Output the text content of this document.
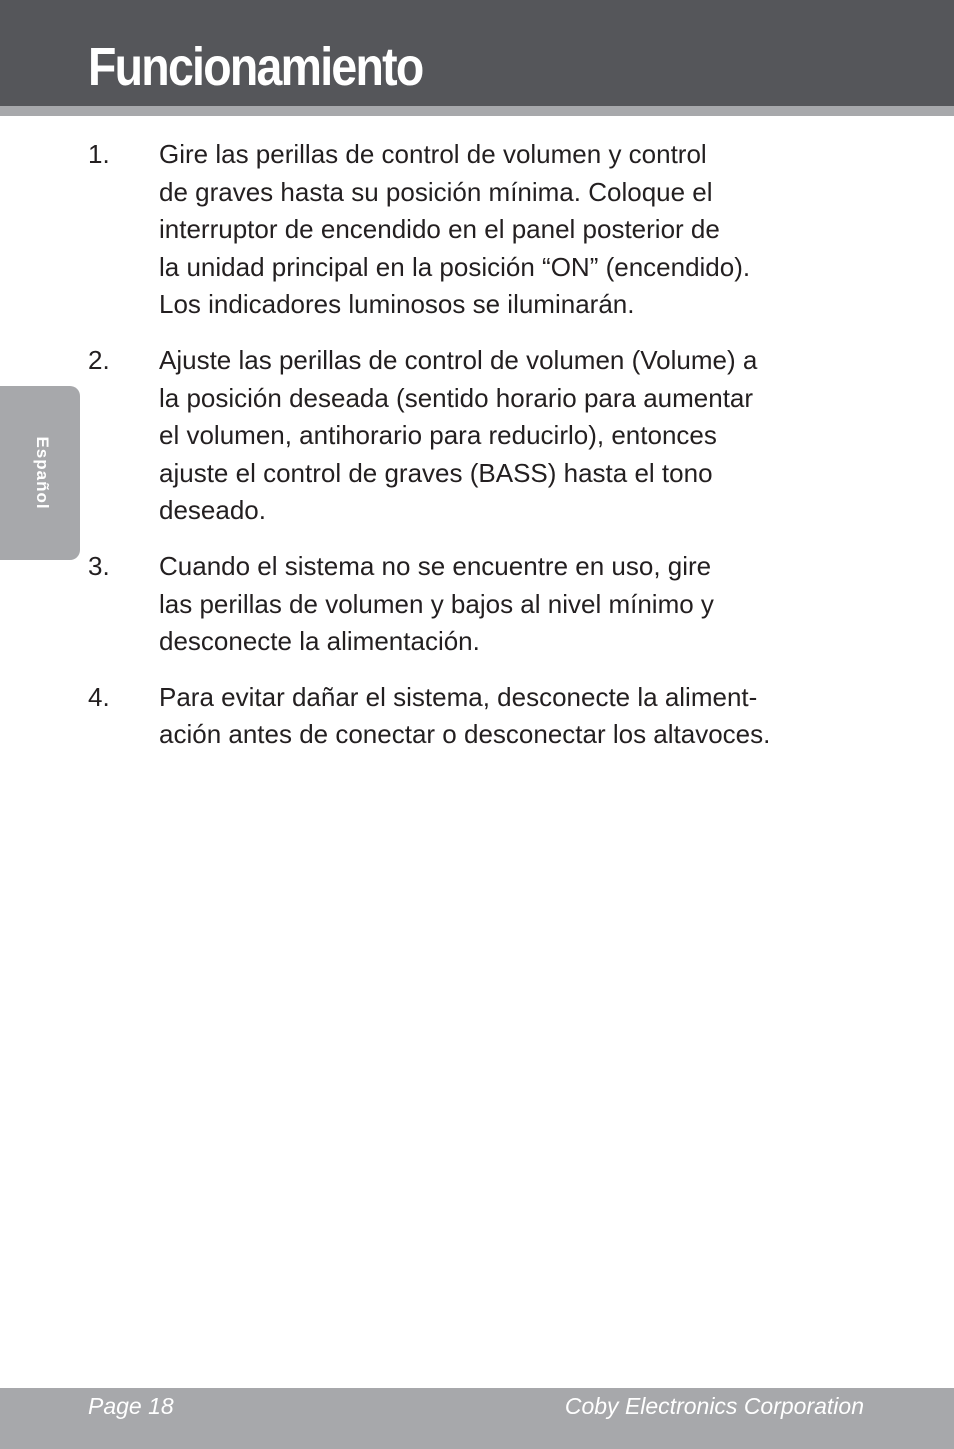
Funcionamiento
Español
1. Gire las perillas de control de volumen y control
de graves hasta su posición mínima. Coloque el
interruptor de encendido en el panel posterior de
la unidad principal en la posición “ON” (encendido).
Los indicadores luminosos se iluminarán.
2. Ajuste las perillas de control de volumen (Volume) a
la posición deseada (sentido horario para aumentar
el volumen, antihorario para reducirlo), entonces
ajuste el control de graves (BASS) hasta el tono
deseado.
3. Cuando el sistema no se encuentre en uso, gire
las perillas de volumen y bajos al nivel mínimo y
desconecte la alimentación.
4. Para evitar dañar el sistema, desconecte la aliment-
ación antes de conectar o desconectar los altavoces.
Page 18	Coby Electronics Corporation
